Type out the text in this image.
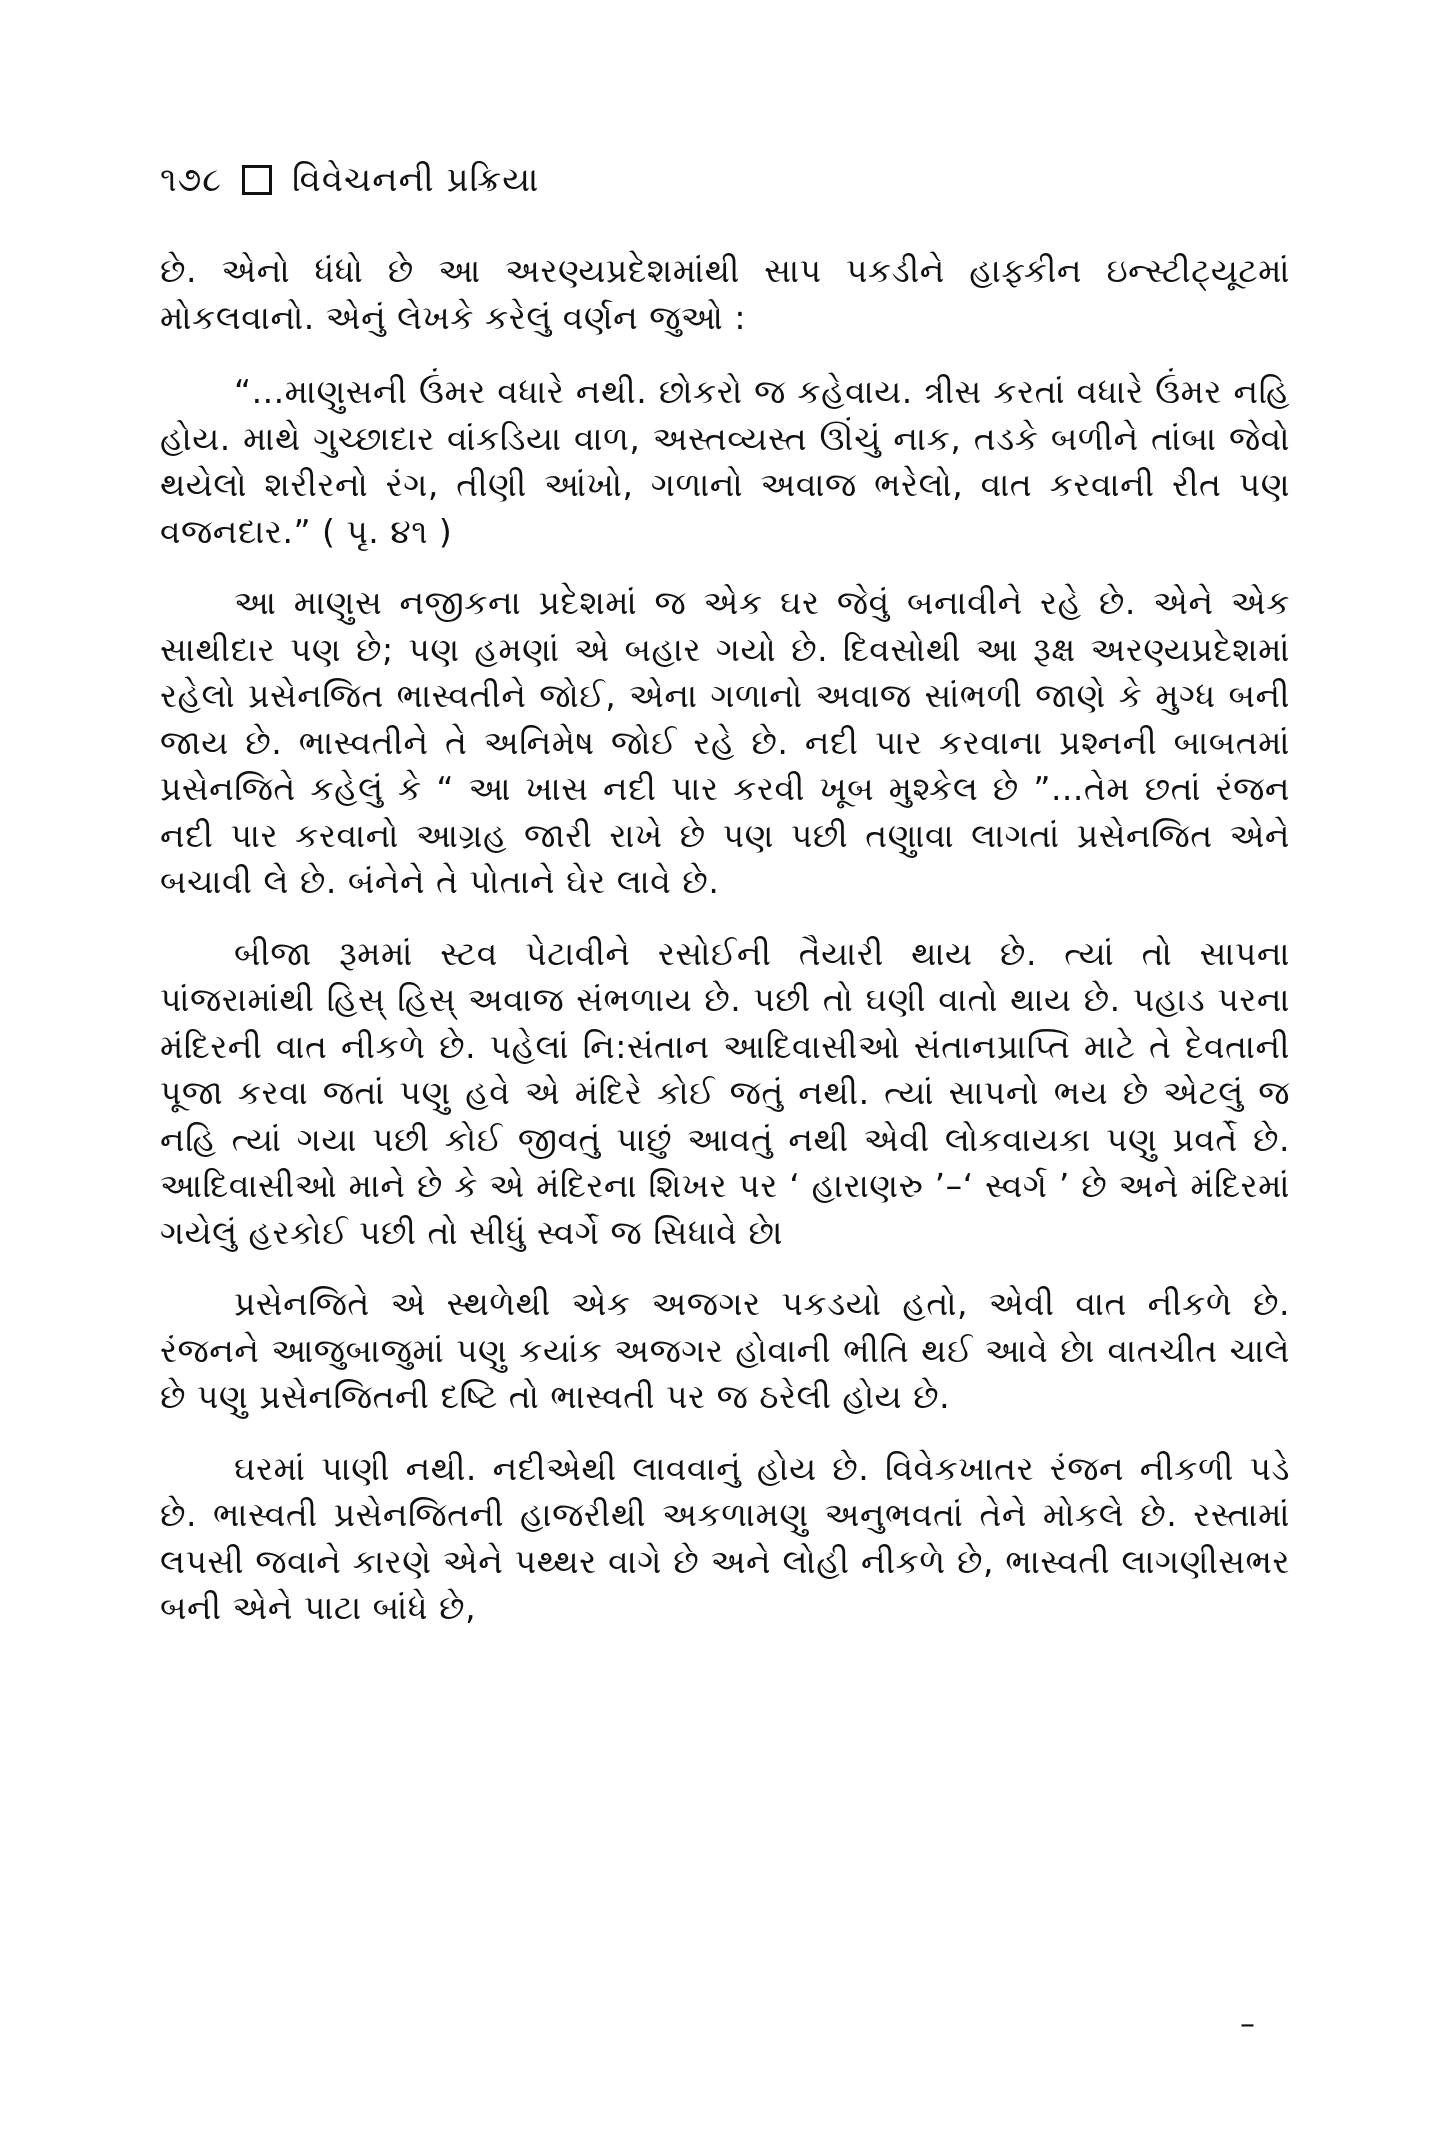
૧૭૮ વિવેચનની પ્રક્રિયા

છે. એનો ધંધો છે આ અરણ્યપ્રદેશમાંથી સાપ પકડીને હાફ્કીન ઇન્સ્ટીટ્યૂટમાં મોકલવાનો. એનું લેખકે કરેલું વર્ણન જુઓ :

“...માણુસની ઉંમર વધારે નથી. છોકરો જ કહેવાય. ત્રીસ કરતાં વધારે ઉંમર નહિ હોય. માથે ગુચ્છાદાર વાંકડિયા વાળ, અસ્તવ્યસ્ત ઊંચું નાક, તડકે બળીને તાંબા જેવો થયેલો શરીરનો રંગ, તીણી આંખો, ગળાનો અવાજ ભરેલો, વાત કરવાની રીત પણ વજનદાર.” ( પૃ. ૪૧ )

આ માણુસ નજીકના પ્રદેશમાં જ એક ઘર જેવું બનાવીને રહે છે. એને એક સાથીદાર પણ છે; પણ હમણાં એ બહાર ગયો છે. દિવસોથી આ રૂક્ષ અરણ્યપ્રદેશમાં રહેલો પ્રસેનજિત ભાસ્વતીને જોઈ, એના ગળાનો અવાજ સાંભળી જાણે કે મુગ્ધ બની જાય છે. ભાસ્વતીને તે અનિમેષ જોઈ રહે છે. નદી પાર કરવાના પ્રશ્નની બાબતમાં પ્રસેનજિતે કહેલું કે “ આ ખાસ નદી પાર કરવી ખૂબ મુશ્કેલ છે ”...તેમ છતાં રંજન નદી પાર કરવાનો આગ્રહ જારી રાખે છે પણ પછી તણુાવા લાગતાં પ્રસેનજિત એને બચાવી લે છે. બંનેને તે પોતાને ઘેર લાવે છે.

બીજા રૂમમાં સ્ટવ પેટાવીને રસોઈની તૈયારી થાય છે. ત્યાં તો સાપના પાંજરામાંથી હિસ્ હિસ્ અવાજ સંભળાય છે. પછી તો ઘણી વાતો થાય છે. પહાડ પરના મંદિરની વાત નીકળે છે. પહેલાં નિ:સંતાન આદિવાસીઓ સંતાનપ્રાપ્તિ માટે તે દેવતાની પૂજા કરવા જતાં પણુ હવે એ મંદિરે કોઈ જતું નથી. ત્યાં સાપનો ભય છે એટલું જ નહિ ત્યાં ગયા પછી કોઈ જીવતું પાછું આવતું નથી એવી લોકવાયકા પણુ પ્રવર્તે છે. આદિવાસીઓ માને છે કે એ મંદિરના શિખર પર ‘ હારાણરુ ’–‘ સ્વર્ગ ’ છે અને મંદિરમાં ગયેલું હરકોઈ પછી તો સીધું સ્વર્ગે જ સિધાવે છે।

પ્રસેનજિતે એ સ્થળેથી એક અજગર પકડયો હતો, એવી વાત નીકળે છે. રંજનને આજુબાજુમાં પણુ કયાંક અજગર હોવાની ભીતિ થઈ આવે છે। વાતચીત ચાલે છે પણુ પ્રસેનજિતની દષ્ટિ તો ભાસ્વતી પર જ ઠરેલી હોય છે.

ઘરમાં પાણી નથી. નદીએથી લાવવાનું હોય છે. વિવેકખાતર રંજન નીકળી પડે છે. ભાસ્વતી પ્રસેનજિતની હાજરીથી અકળામણુ અનુભવતાં તેને મોકલે છે. રસ્તામાં લપસી જવાને કારણે એને પથ્થર વાગે છે અને લોહી નીકળે છે, ભાસ્વતી લાગણીસભર બની એને પાટા બાંધે છે,

–
